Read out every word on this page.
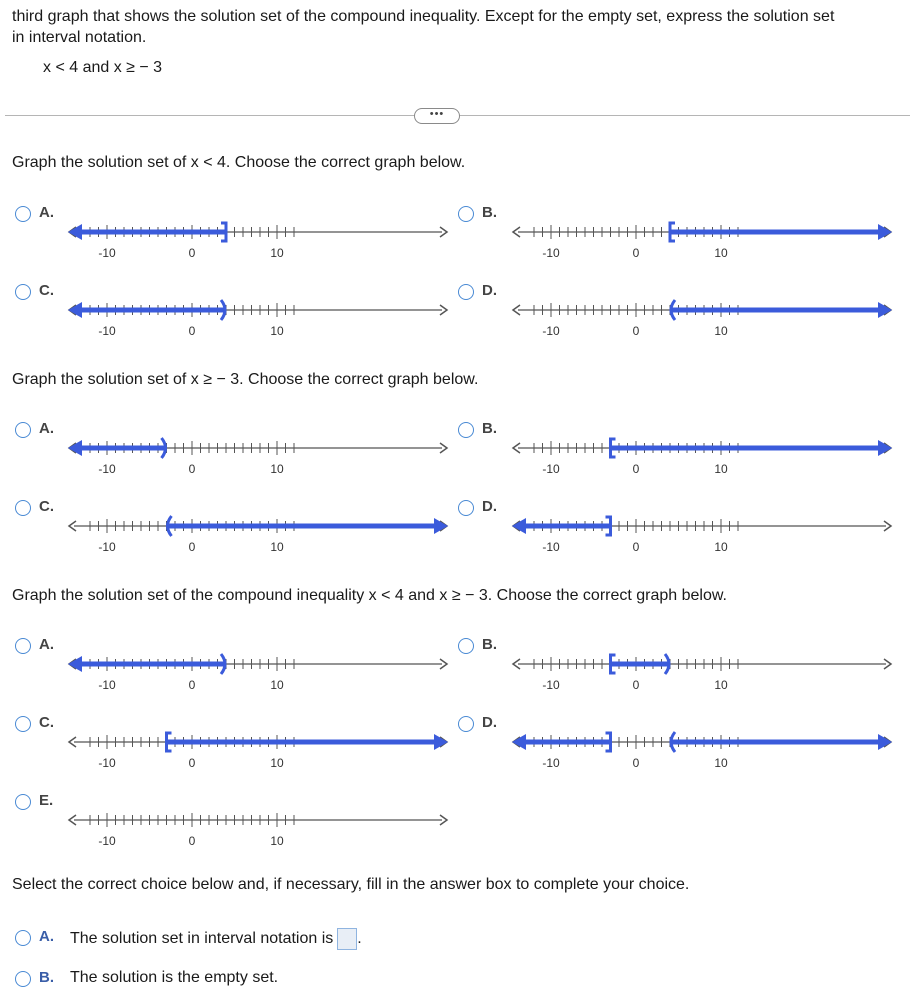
third graph that shows the solution set of the compound inequality. Except for the empty set, express the solution set
in interval notation.
x < 4 and x ≥ − 3
•••
Graph the solution set of x < 4. Choose the correct graph below.
A.
-10	0	10
B.
-10	0	10
C.
-10	0	10
D.
-10	0	10
Graph the solution set of x ≥ − 3. Choose the correct graph below.
A.
-10	0	10
B.
-10	0	10
C.
-10	0	10
D.
-10	0	10
Graph the solution set of the compound inequality x < 4 and x ≥ − 3. Choose the correct graph below.
A.
-10	0	10
B.
-10	0	10
C.
-10	0	10
D.
-10	0	10
E.
-10	0	10
Select the correct choice below and, if necessary, fill in the answer box to complete your choice.
A. The solution set in interval notation is .
B. The solution is the empty set.
